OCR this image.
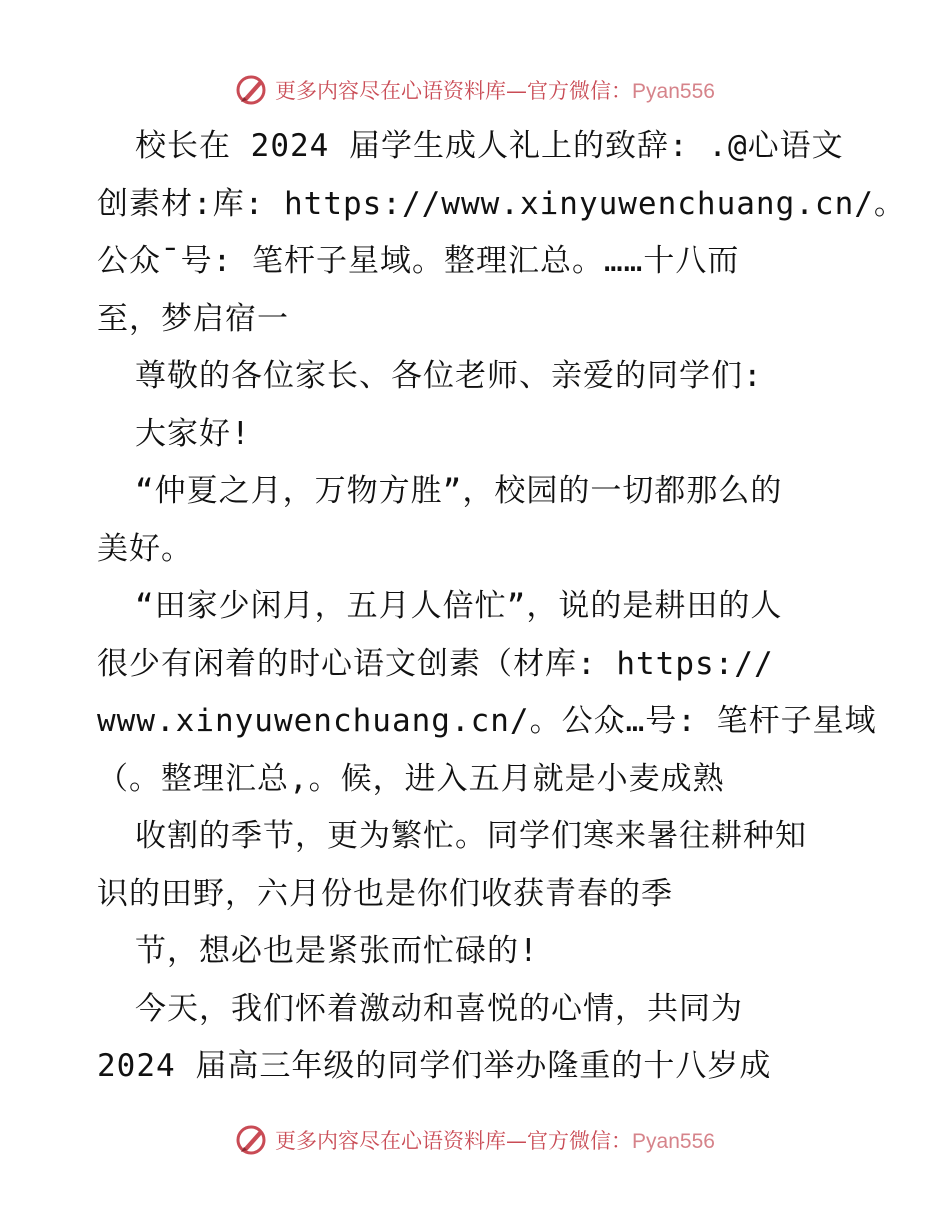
更多内容尽在心语资料库—官方微信：Pyan556
校长在 2024 届学生成人礼上的致辞: .@心语文
创素材:库: https://www.xinyuwenchuang.cn/。
公众¯号: 笔杆子星域。整理汇总。……十八而
至，梦启宿一
尊敬的各位家长、各位老师、亲爱的同学们:
大家好!
“仲夏之月，万物方胜”，校园的一切都那么的
美好。
“田家少闲月，五月人倍忙”，说的是耕田的人
很少有闲着的时心语文创素（材库: https://
www.xinyuwenchuang.cn/。公众…号: 笔杆子星域
（。整理汇总,。候，进入五月就是小麦成熟
收割的季节，更为繁忙。同学们寒来暑往耕种知
识的田野，六月份也是你们收获青春的季
节，想必也是紧张而忙碌的!
今天，我们怀着激动和喜悦的心情，共同为
2024 届高三年级的同学们举办隆重的十八岁成
更多内容尽在心语资料库—官方微信：Pyan556
